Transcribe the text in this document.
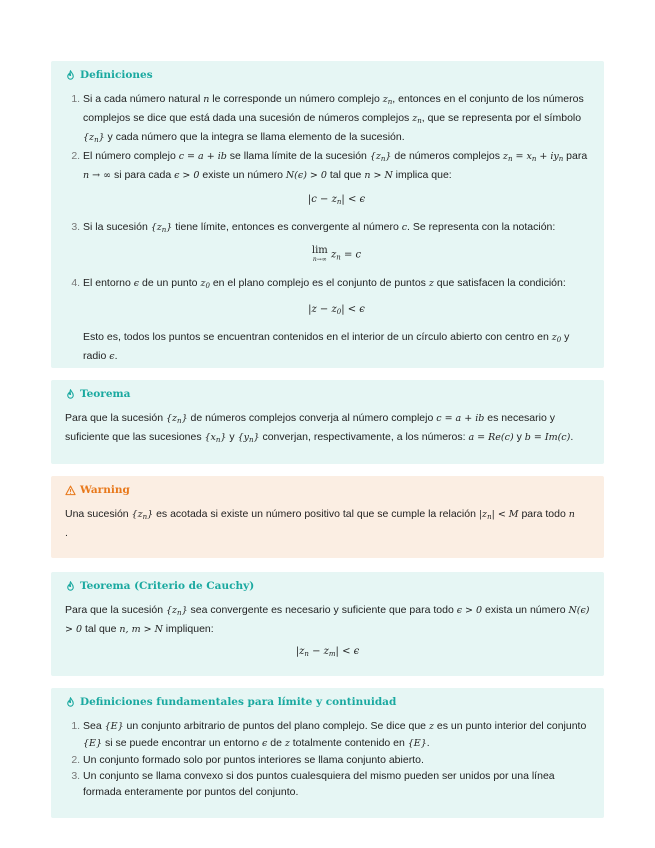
Definiciones
1. Si a cada número natural n le corresponde un número complejo $z_n$, entonces en el conjunto de los números complejos se dice que está dada una sucesión de números complejos $z_n$, que se representa por el símbolo $\{z_n\}$ y cada número que la integra se llama elemento de la sucesión.
2. El número complejo c = a + ib se llama límite de la sucesión $\{z_n\}$ de números complejos $z_n = x_n + iy_n$ para n → ∞ si para cada ϵ > 0 existe un número N(ϵ) > 0 tal que n > N implica que:
$|c - z_n| < \epsilon$
3. Si la sucesión $\{z_n\}$ tiene límite, entonces es convergente al número c. Se representa con la notación:
lim
n→∞ $z_n = c$
4. El entorno ϵ de un punto $z_0$ en el plano complejo es el conjunto de puntos z que satisfacen la condición:
$|z - z_0| < \epsilon$

Esto es, todos los puntos se encuentran contenidos en el interior de un círculo abierto con centro en $z_0$ y radio ϵ.

Teorema

Para que la sucesión $\{z_n\}$ de números complejos converja al número complejo c = a + ib es necesario y suficiente que las sucesiones $\{x_n\}$ y $\{y_n\}$ converjan, respectivamente, a los números: a = Re(c) y b = Im(c).

Warning

Una sucesión $\{z_n\}$ es acotada si existe un número positivo tal que se cumple la relación $|z_n| < M$ para todo n
.

Teorema (Criterio de Cauchy)

Para que la sucesión $\{z_n\}$ sea convergente es necesario y suficiente que para todo ϵ > 0 exista un número N(ϵ) > 0 tal que n, m > N impliquen:

$|z_n - z_m| < \epsilon$
Definiciones fundamentales para límite y continuidad
1. Sea {E} un conjunto arbitrario de puntos del plano complejo. Se dice que z es un punto interior del conjunto {E} si se puede encontrar un entorno ϵ de z totalmente contenido en {E}.
2. Un conjunto formado solo por puntos interiores se llama conjunto abierto.
3. Un conjunto se llama convexo si dos puntos cualesquiera del mismo pueden ser unidos por una línea formada enteramente por puntos del conjunto.
